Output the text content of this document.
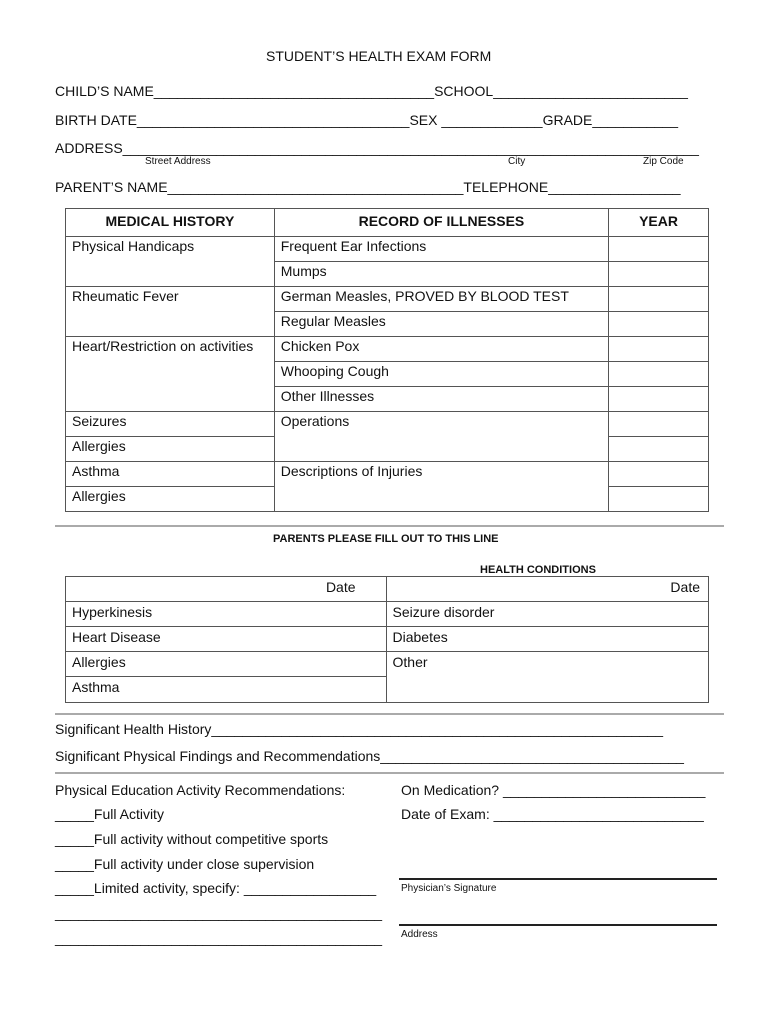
STUDENT’S HEALTH EXAM FORM
CHILD’S NAME____________________________________SCHOOL_________________________
BIRTH DATE___________________________________SEX _____________GRADE___________
ADDRESS__________________________________________________________________________
Street Address	City	Zip Code
PARENT’S NAME______________________________________TELEPHONE_________________
MEDICAL HISTORY	RECORD OF ILLNESSES	YEAR
Physical Handicaps	Frequent Ear Infections	
	Mumps	
Rheumatic Fever	German Measles, PROVED BY BLOOD TEST	
	Regular Measles	
Heart/Restriction on activities	Chicken Pox	
	Whooping Cough	
	Other Illnesses	
Seizures	Operations	
Allergies		
Asthma	Descriptions of Injuries	
Allergies		
PARENTS PLEASE FILL OUT TO THIS LINE
HEALTH CONDITIONS
Date	Date
Hyperkinesis	Seizure disorder
Heart Disease	Diabetes
Allergies	Other
Asthma	
Significant Health History__________________________________________________________
Significant Physical Findings and Recommendations_______________________________________
Physical Education Activity Recommendations:
_____Full Activity
_____Full activity without competitive sports
_____Full activity under close supervision
_____Limited activity, specify: _________________
__________________________________________
__________________________________________
On Medication? __________________________
Date of Exam: ___________________________
Physician’s Signature
Address
